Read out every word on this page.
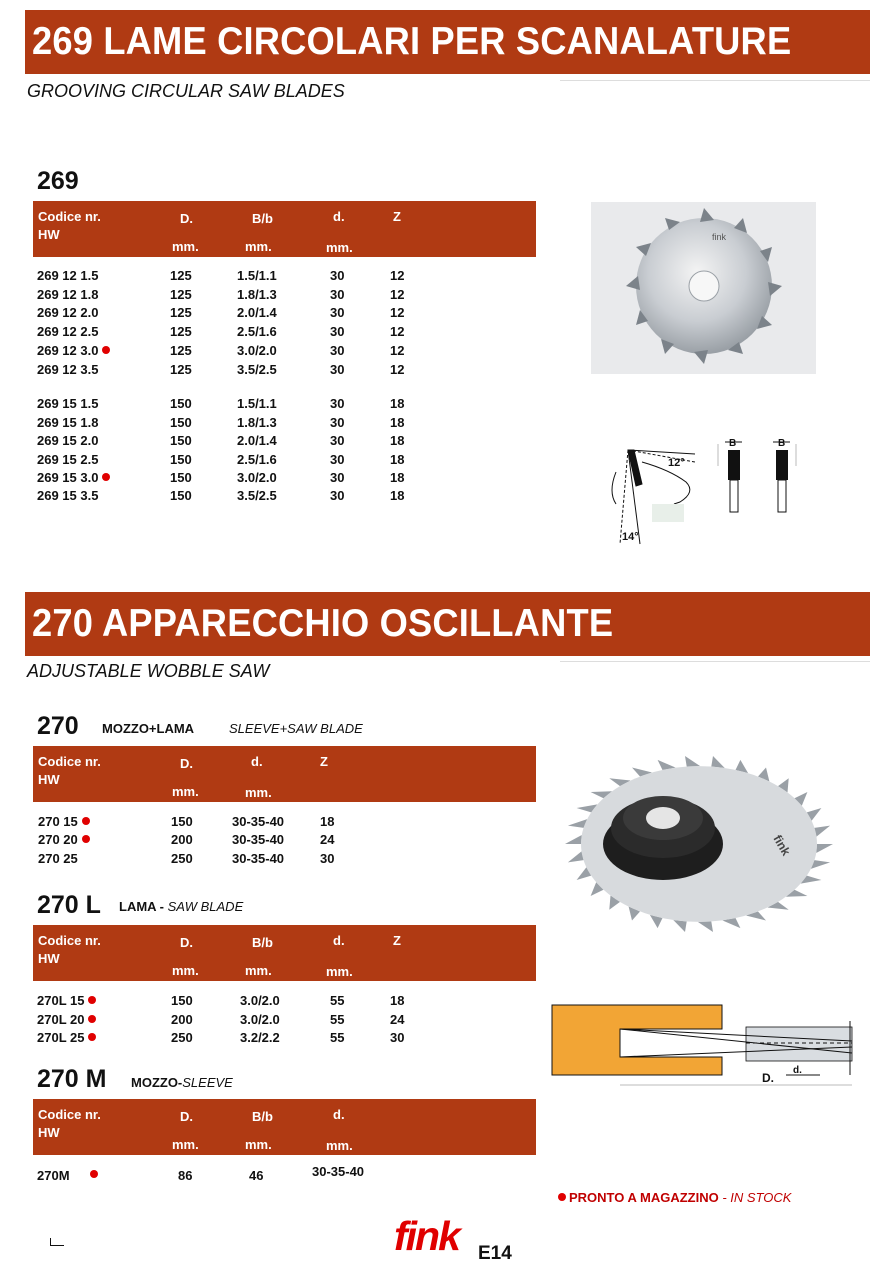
269 LAME CIRCOLARI PER SCANALATURE
GROOVING CIRCULAR SAW BLADES
269
Codice nr.
HW
D.	B/b	d.	Z
mm.	mm.	mm.
269 12 1.5	125	1.5/1.1	30	12
269 12 1.8	125	1.8/1.3	30	12
269 12 2.0	125	2.0/1.4	30	12
269 12 2.5	125	2.5/1.6	30	12
269 12 3.0	125	3.0/2.0	30	12
269 12 3.5	125	3.5/2.5	30	12
269 15 1.5	150	1.5/1.1	30	18
269 15 1.8	150	1.8/1.3	30	18
269 15 2.0	150	2.0/1.4	30	18
269 15 2.5	150	2.5/1.6	30	18
269 15 3.0	150	3.0/2.0	30	18
269 15 3.5	150	3.5/2.5	30	18
fink
12°
14°
B	B
270 APPARECCHIO OSCILLANTE
ADJUSTABLE WOBBLE SAW
270 MOZZO+LAMA	SLEEVE+SAW BLADE
Codice nr.
HW
D.	d.	Z
mm.	mm.
270 15	150	30-35-40	18
270 20	200	30-35-40	24
270 25	250	30-35-40	30
270 L LAMA - SAW BLADE
Codice nr.
HW
D.	B/b	d.	Z
mm.	mm.	mm.
270L 15	150	3.0/2.0	55	18
270L 20	200	3.0/2.0	55	24
270L 25	250	3.2/2.2	55	30
270 M MOZZO-SLEEVE
Codice nr.
HW
D.	B/b	d.
mm.	mm.	mm.
270M	86	46	30-35-40
fink
D.
d.
PRONTO A MAGAZZINO - IN STOCK
fink E14
